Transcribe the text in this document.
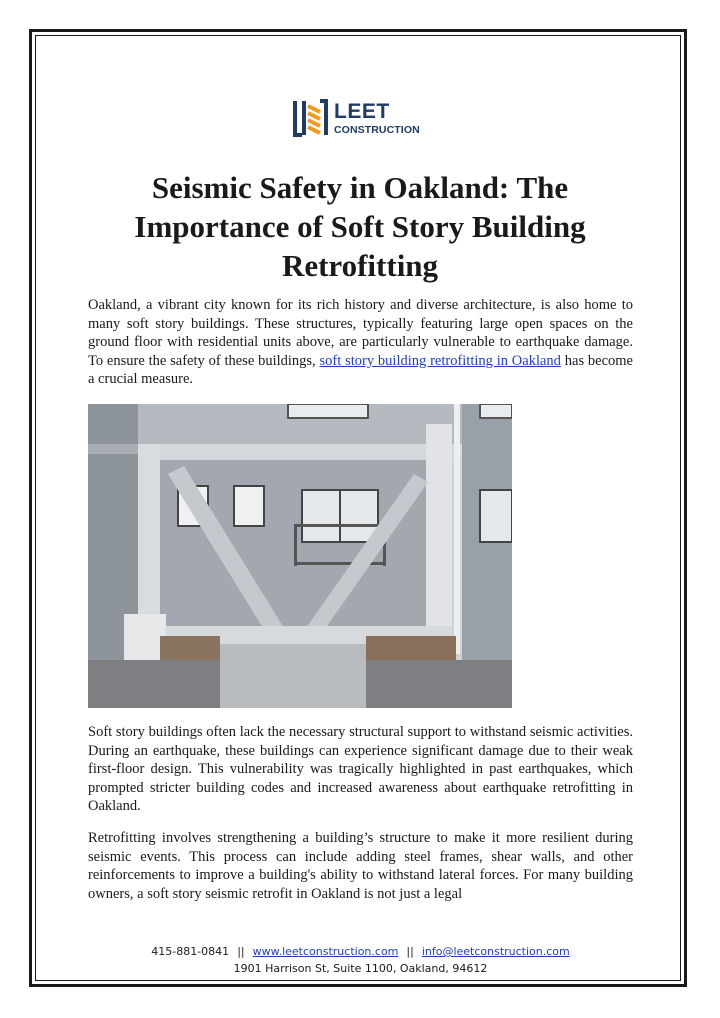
LEET
CONSTRUCTION
Seismic Safety in Oakland: The Importance of Soft Story Building Retrofitting

Oakland, a vibrant city known for its rich history and diverse architecture, is also home to many soft story buildings. These structures, typically featuring large open spaces on the ground floor with residential units above, are particularly vulnerable to earthquake damage. To ensure the safety of these buildings, soft story building retrofitting in Oakland has become a crucial measure.

Soft story buildings often lack the necessary structural support to withstand seismic activities. During an earthquake, these buildings can experience significant damage due to their weak first-floor design. This vulnerability was tragically highlighted in past earthquakes, which prompted stricter building codes and increased awareness about earthquake retrofitting in Oakland.

Retrofitting involves strengthening a building’s structure to make it more resilient during seismic events. This process can include adding steel frames, shear walls, and other reinforcements to improve a building's ability to withstand lateral forces. For many building owners, a soft story seismic retrofit in Oakland is not just a legal

415-881-0841 || www.leetconstruction.com || info@leetconstruction.com
1901 Harrison St, Suite 1100, Oakland, 94612
